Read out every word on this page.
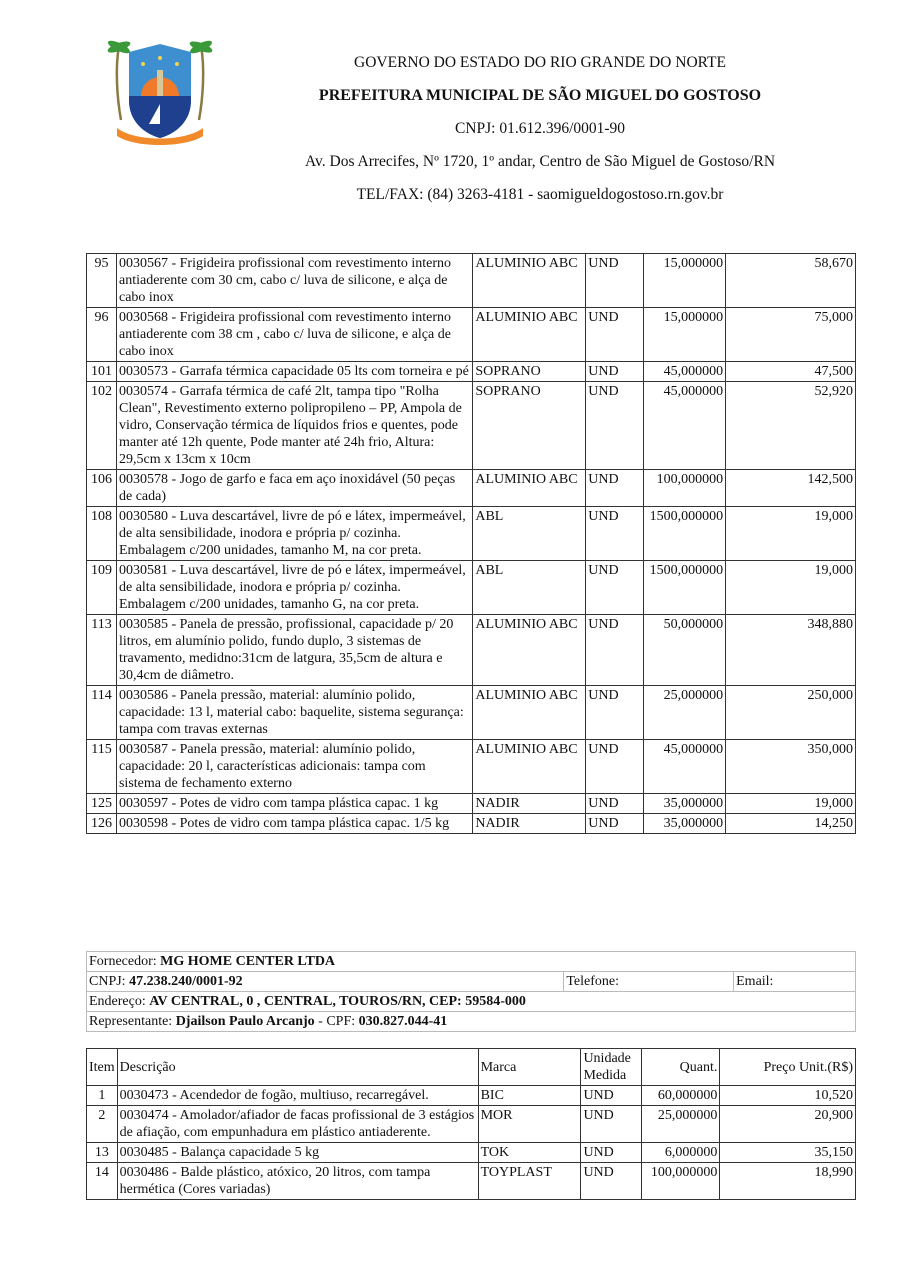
GOVERNO DO ESTADO DO RIO GRANDE DO NORTE
PREFEITURA MUNICIPAL DE SÃO MIGUEL DO GOSTOSO
CNPJ: 01.612.396/0001-90
Av. Dos Arrecifes, Nº 1720, 1º andar, Centro de São Miguel de Gostoso/RN
TEL/FAX: (84) 3263-4181 - saomigueldogostoso.rn.gov.br
95	0030567 - Frigideira profissional com revestimento interno antiaderente com 30 cm, cabo c/ luva de silicone, e alça de cabo inox	ALUMINIO ABC	UND	15,000000	58,670
96	0030568 - Frigideira profissional com revestimento interno antiaderente com 38 cm , cabo c/ luva de silicone, e alça de cabo inox	ALUMINIO ABC	UND	15,000000	75,000
101	0030573 - Garrafa térmica capacidade 05 lts com torneira e pé	SOPRANO	UND	45,000000	47,500
102	0030574 - Garrafa térmica de café 2lt, tampa tipo "Rolha Clean", Revestimento externo polipropileno – PP, Ampola de vidro, Conservação térmica de líquidos frios e quentes, pode manter até 12h quente, Pode manter até 24h frio, Altura: 29,5cm x 13cm x 10cm	SOPRANO	UND	45,000000	52,920
106	0030578 - Jogo de garfo e faca em aço inoxidável (50 peças de cada)	ALUMINIO ABC	UND	100,000000	142,500
108	0030580 - Luva descartável, livre de pó e látex, impermeável, de alta sensibilidade, inodora e própria p/ cozinha. Embalagem c/200 unidades, tamanho M, na cor preta.	ABL	UND	1500,000000	19,000
109	0030581 - Luva descartável, livre de pó e látex, impermeável, de alta sensibilidade, inodora e própria p/ cozinha. Embalagem c/200 unidades, tamanho G, na cor preta.	ABL	UND	1500,000000	19,000
113	0030585 - Panela de pressão, profissional, capacidade p/ 20 litros, em alumínio polido, fundo duplo, 3 sistemas de travamento, medidno:31cm de latgura, 35,5cm de altura e 30,4cm de diâmetro.	ALUMINIO ABC	UND	50,000000	348,880
114	0030586 - Panela pressão, material: alumínio polido, capacidade: 13 l, material cabo: baquelite, sistema segurança: tampa com travas externas	ALUMINIO ABC	UND	25,000000	250,000
115	0030587 - Panela pressão, material: alumínio polido, capacidade: 20 l, características adicionais: tampa com sistema de fechamento externo	ALUMINIO ABC	UND	45,000000	350,000
125	0030597 - Potes de vidro com tampa plástica capac. 1 kg	NADIR	UND	35,000000	19,000
126	0030598 - Potes de vidro com tampa plástica capac. 1/5 kg	NADIR	UND	35,000000	14,250
Fornecedor: MG HOME CENTER LTDA
CNPJ: 47.238.240/0001-92	Telefone:	Email:
Endereço: AV CENTRAL, 0 , CENTRAL, TOUROS/RN, CEP: 59584-000
Representante: Djailson Paulo Arcanjo - CPF: 030.827.044-41
Item	Descrição	Marca	Unidade Medida	Quant.	Preço Unit.(R$)
1	0030473 - Acendedor de fogão, multiuso, recarregável.	BIC	UND	60,000000	10,520
2	0030474 - Amolador/afiador de facas profissional de 3 estágios de afiação, com empunhadura em plástico antiaderente.	MOR	UND	25,000000	20,900
13	0030485 - Balança capacidade 5 kg	TOK	UND	6,000000	35,150
14	0030486 - Balde plástico, atóxico, 20 litros, com tampa hermética (Cores variadas)	TOYPLAST	UND	100,000000	18,990
